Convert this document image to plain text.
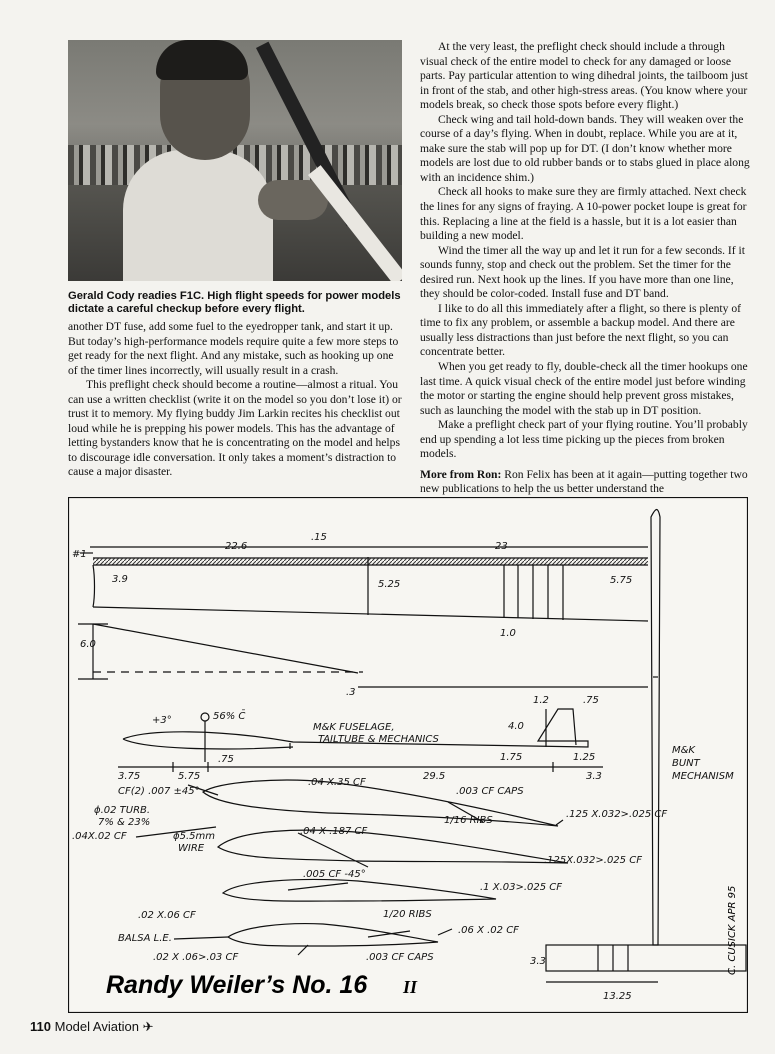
Gerald Cody readies F1C. High flight speeds for power models dictate a careful checkup before every flight.

another DT fuse, add some fuel to the eyedropper tank, and start it up. But today’s high-performance models require quite a few more steps to get ready for the next flight. And any mistake, such as hooking up one of the timer lines incorrectly, will usually result in a crash.

This preflight check should become a routine—almost a ritual. You can use a written checklist (write it on the model so you don’t lose it) or trust it to memory. My flying buddy Jim Larkin recites his checklist out loud while he is prepping his power models. This has the advantage of letting bystanders know that he is concentrating on the model and helps to discourage idle conversation. It only takes a moment’s distraction to cause a major disaster.

At the very least, the preflight check should include a through visual check of the entire model to check for any damaged or loose parts. Pay particular attention to wing dihedral joints, the tailboom just in front of the stab, and other high-stress areas. (You know where your models break, so check those spots before every flight.)

Check wing and tail hold-down bands. They will weaken over the course of a day’s flying. When in doubt, replace. While you are at it, make sure the stab will pop up for DT. (I don’t know whether more models are lost due to old rubber bands or to stabs glued in place along with an incidence shim.)

Check all hooks to make sure they are firmly attached. Next check the lines for any signs of fraying. A 10-power pocket loupe is great for this. Replacing a line at the field is a hassle, but it is a lot easier than building a new model.

Wind the timer all the way up and let it run for a few seconds. If it sounds funny, stop and check out the problem. Set the timer for the desired run. Next hook up the lines. If you have more than one line, they should be color-coded. Install fuse and DT band.

I like to do all this immediately after a flight, so there is plenty of time to fix any problem, or assemble a backup model. And there are usually less distractions than just before the next flight, so you can concentrate better.

When you get ready to fly, double-check all the timer hookups one last time. A quick visual check of the entire model just before winding the motor or starting the engine should help prevent gross mistakes, such as launching the model with the stab up in DT position.

Make a preflight check part of your flying routine. You’ll probably end up spending a lot less time picking up the pieces from broken models.

More from Ron: Ron Felix has been at it again—putting together two new publications to help the us better understand the

#1
.15
22.6	23
3.9	5.25	5.75
1.0
6.0
.3
1.2	.75
+3°	56% C̄
M&K FUSELAGE,
TAILTUBE & MECHANICS
4.0
1.75	1.25
.75
M&K
BUNT
MECHANISM
3.75	5.75	29.5	3.3
CF(2) .007 ±45°
.04 X.35 CF
.003 CF CAPS
ϕ.02 TURB.
7% & 23%	1/16 RIBS
.125 X.032>.025 CF
.04X.02 CF	ϕ5.5mm
WIRE
.04 X .187 CF
.125X.032>.025 CF
.005 CF -45°
.1 X.03>.025 CF
.02 X.06 CF	1/20 RIBS
.06 X .02 CF
BALSA L.E.
.02 X .06>.03 CF	.003 CF CAPS	3.3
13.25
C. CUSICK APR 95
Randy Weiler’s No. 16 II
110 Model Aviation ✈
